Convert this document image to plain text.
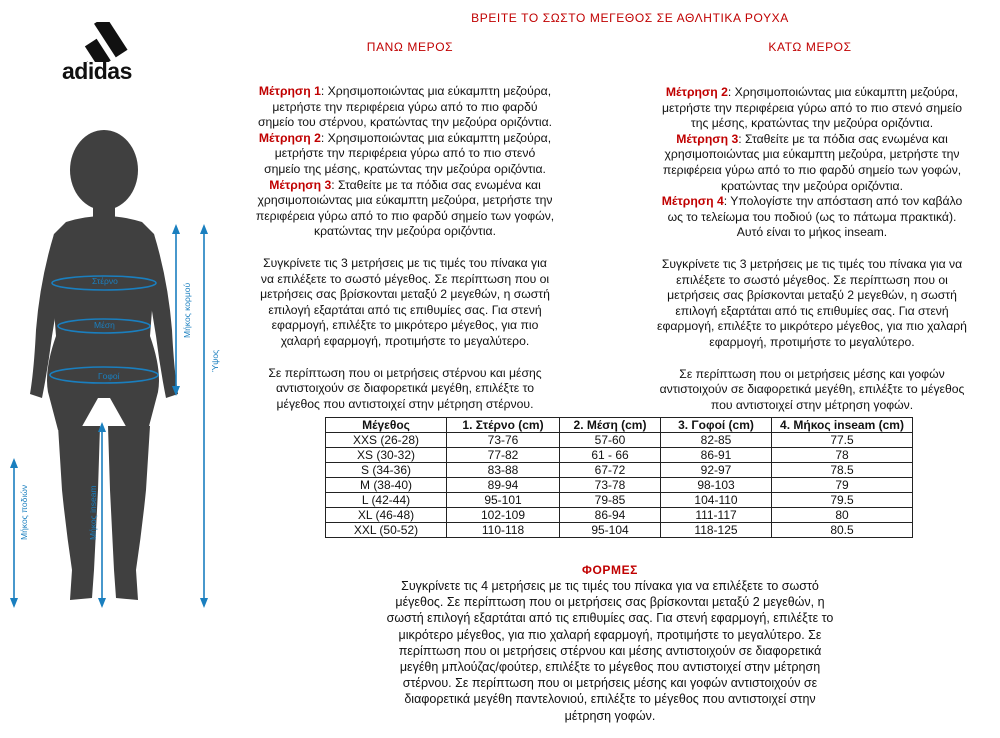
ΒΡΕΙΤΕ ΤΟ ΣΩΣΤΟ ΜΕΓΕΘΟΣ ΣΕ ΑΘΛΗΤΙΚΑ ΡΟΥΧΑ
adidas
Στέρνο
Μέση
Γοφοί
Μήκος κορμού
Ύψος
Μήκος ποδιών	Μήκος inseam
ΠΑΝΩ ΜΕΡΟΣ
Μέτρηση 1: Χρησιμοποιώντας μια εύκαμπτη μεζούρα,
μετρήστε την περιφέρεια γύρω από το πιο φαρδύ
σημείο του στέρνου, κρατώντας την μεζούρα οριζόντια.
Μέτρηση 2: Χρησιμοποιώντας μια εύκαμπτη μεζούρα,
μετρήστε την περιφέρεια γύρω από το πιο στενό
σημείο της μέσης, κρατώντας την μεζούρα οριζόντια.
Μέτρηση 3: Σταθείτε με τα πόδια σας ενωμένα και
χρησιμοποιώντας μια εύκαμπτη μεζούρα, μετρήστε την
περιφέρεια γύρω από το πιο φαρδύ σημείο των γοφών,
κρατώντας την μεζούρα οριζόντια.
Συγκρίνετε τις 3 μετρήσεις με τις τιμές του πίνακα για
να επιλέξετε το σωστό μέγεθος. Σε περίπτωση που οι
μετρήσεις σας βρίσκονται μεταξύ 2 μεγεθών, η σωστή
επιλογή εξαρτάται από τις επιθυμίες σας. Για στενή
εφαρμογή, επιλέξτε το μικρότερο μέγεθος, για πιο
χαλαρή εφαρμογή, προτιμήστε το μεγαλύτερο.
Σε περίπτωση που οι μετρήσεις στέρνου και μέσης
αντιστοιχούν σε διαφορετικά μεγέθη, επιλέξτε το
μέγεθος που αντιστοιχεί στην μέτρηση στέρνου.
ΚΑΤΩ ΜΕΡΟΣ
Μέτρηση 2: Χρησιμοποιώντας μια εύκαμπτη μεζούρα,
μετρήστε την περιφέρεια γύρω από το πιο στενό σημείο
της μέσης, κρατώντας την μεζούρα οριζόντια.
Μέτρηση 3: Σταθείτε με τα πόδια σας ενωμένα και
χρησιμοποιώντας μια εύκαμπτη μεζούρα, μετρήστε την
περιφέρεια γύρω από το πιο φαρδύ σημείο των γοφών,
κρατώντας την μεζούρα οριζόντια.
Μέτρηση 4: Υπολογίστε την απόσταση από τον καβάλο
ως το τελείωμα του ποδιού (ως το πάτωμα πρακτικά).
Αυτό είναι το μήκος inseam.
Συγκρίνετε τις 3 μετρήσεις με τις τιμές του πίνακα για να
επιλέξετε το σωστό μέγεθος. Σε περίπτωση που οι
μετρήσεις σας βρίσκονται μεταξύ 2 μεγεθών, η σωστή
επιλογή εξαρτάται από τις επιθυμίες σας. Για στενή
εφαρμογή, επιλέξτε το μικρότερο μέγεθος, για πιο χαλαρή
εφαρμογή, προτιμήστε το μεγαλύτερο.
Σε περίπτωση που οι μετρήσεις μέσης και γοφών
αντιστοιχούν σε διαφορετικά μεγέθη, επιλέξτε το μέγεθος
που αντιστοιχεί στην μέτρηση γοφών.
Μέγεθος	1. Στέρνο (cm)	2. Μέση (cm)	3. Γοφοί (cm)	4. Μήκος inseam (cm)
XXS (26-28)	73-76	57-60	82-85	77.5
XS (30-32)	77-82	61 - 66	86-91	78
S (34-36)	83-88	67-72	92-97	78.5
M (38-40)	89-94	73-78	98-103	79
L (42-44)	95-101	79-85	104-110	79.5
XL (46-48)	102-109	86-94	111-117	80
XXL (50-52)	110-118	95-104	118-125	80.5
ΦΟΡΜΕΣ
Συγκρίνετε τις 4 μετρήσεις με τις τιμές του πίνακα για να επιλέξετε το σωστό
μέγεθος. Σε περίπτωση που οι μετρήσεις σας βρίσκονται μεταξύ 2 μεγεθών, η
σωστή επιλογή εξαρτάται από τις επιθυμίες σας. Για στενή εφαρμογή, επιλέξτε το
μικρότερο μέγεθος, για πιο χαλαρή εφαρμογή, προτιμήστε το μεγαλύτερο. Σε
περίπτωση που οι μετρήσεις στέρνου και μέσης αντιστοιχούν σε διαφορετικά
μεγέθη μπλούζας/φούτερ, επιλέξτε το μέγεθος που αντιστοιχεί στην μέτρηση
στέρνου. Σε περίπτωση που οι μετρήσεις μέσης και γοφών αντιστοιχούν σε
διαφορετικά μεγέθη παντελονιού, επιλέξτε το μέγεθος που αντιστοιχεί στην
μέτρηση γοφών.
